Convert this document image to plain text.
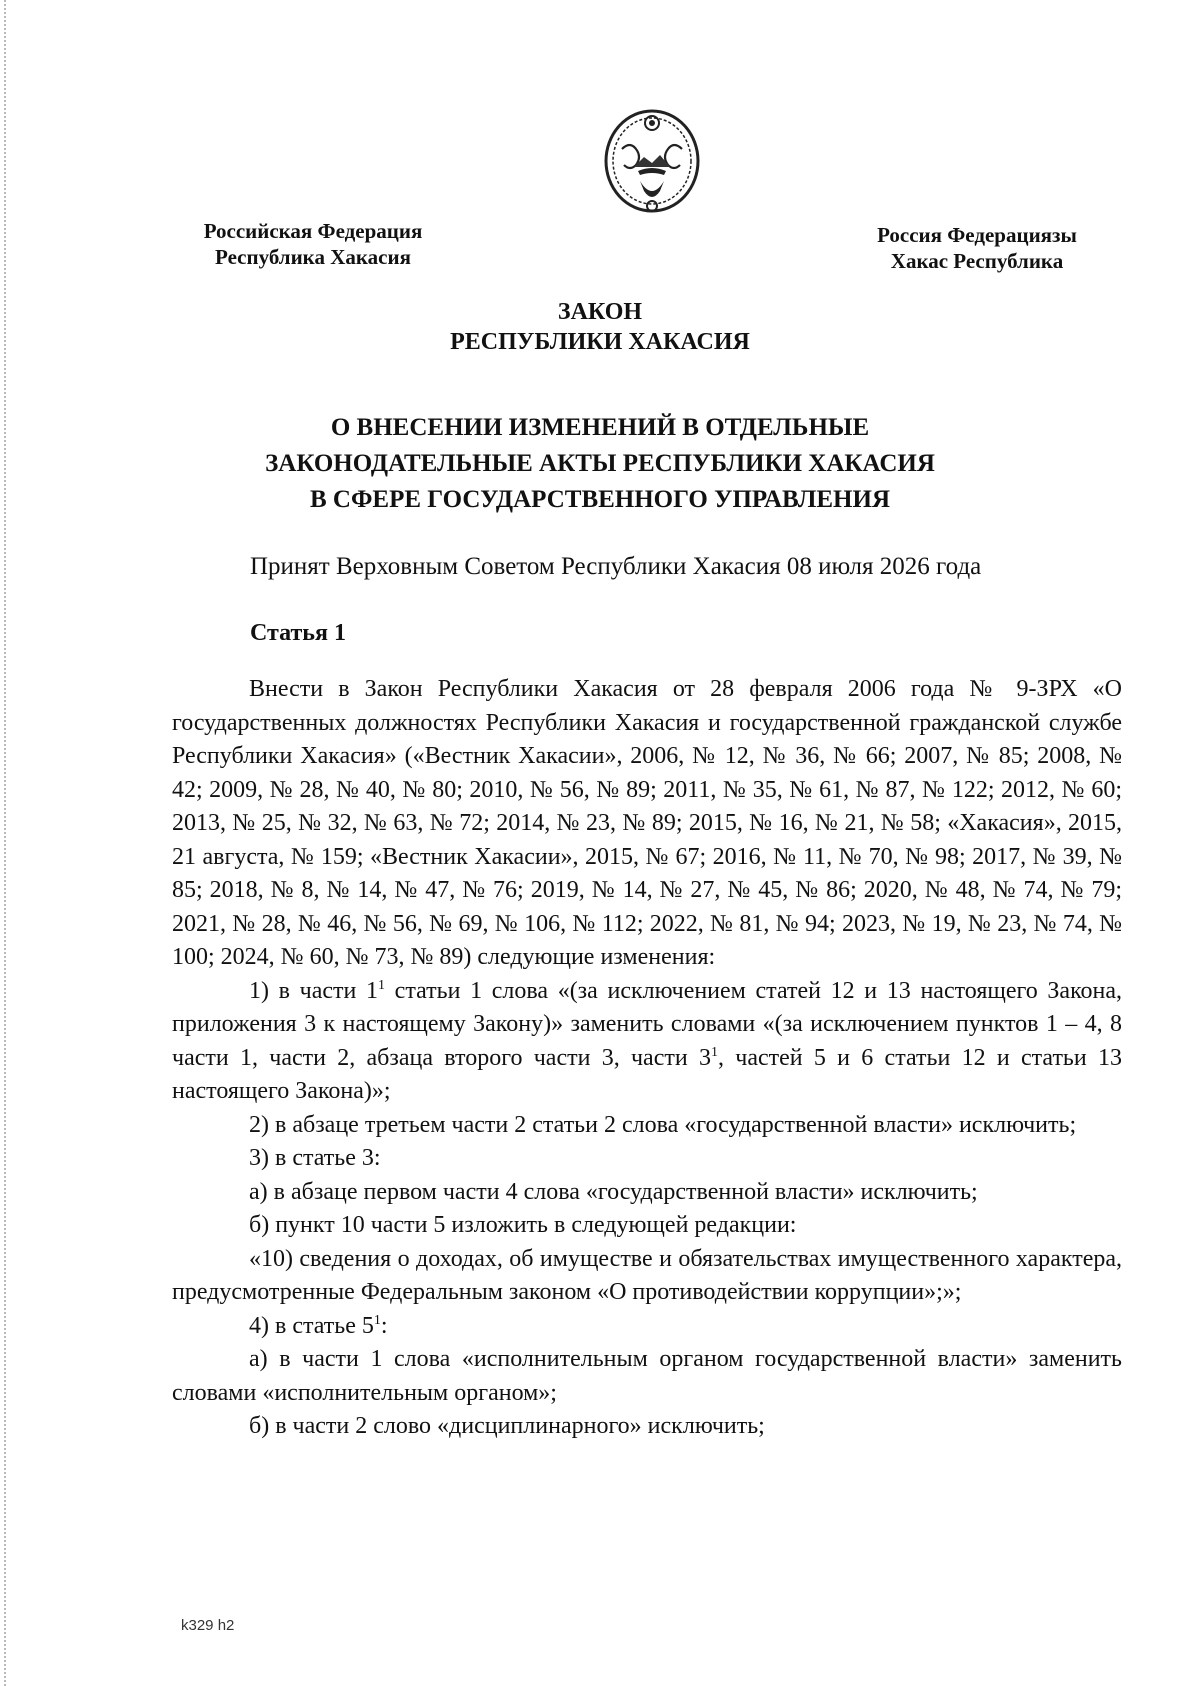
Российская Федерация
Республика Хакасия
Россия Федерациязы
Хакас Республика
ЗАКОН
РЕСПУБЛИКИ ХАКАСИЯ
О ВНЕСЕНИИ ИЗМЕНЕНИЙ В ОТДЕЛЬНЫЕ
ЗАКОНОДАТЕЛЬНЫЕ АКТЫ РЕСПУБЛИКИ ХАКАСИЯ
В СФЕРЕ ГОСУДАРСТВЕННОГО УПРАВЛЕНИЯ
Принят Верховным Советом Республики Хакасия 08 июля 2026 года
Статья 1

Внести в Закон Республики Хакасия от 28 февраля 2006 года № 9-ЗРХ «О государственных должностях Республики Хакасия и государственной гражданской службе Республики Хакасия» («Вестник Хакасии», 2006, № 12, № 36, № 66; 2007, № 85; 2008, № 42; 2009, № 28, № 40, № 80; 2010, № 56, № 89; 2011, № 35, № 61, № 87, № 122; 2012, № 60; 2013, № 25, № 32, № 63, № 72; 2014, № 23, № 89; 2015, № 16, № 21, № 58; «Хакасия», 2015, 21 августа, № 159; «Вестник Хакасии», 2015, № 67; 2016, № 11, № 70, № 98; 2017, № 39, № 85; 2018, № 8, № 14, № 47, № 76; 2019, № 14, № 27, № 45, № 86; 2020, № 48, № 74, № 79; 2021, № 28, № 46, № 56, № 69, № 106, № 112; 2022, № 81, № 94; 2023, № 19, № 23, № 74, № 100; 2024, № 60, № 73, № 89) следующие изменения:

1) в части $1^1$ статьи 1 слова «(за исключением статей 12 и 13 настоящего Закона, приложения 3 к настоящему Закону)» заменить словами «(за исключением пунктов 1 – 4, 8 части 1, части 2, абзаца второго части 3, части $3^1$, частей 5 и 6 статьи 12 и статьи 13 настоящего Закона)»;

2) в абзаце третьем части 2 статьи 2 слова «государственной власти» исключить;

3) в статье 3:

а) в абзаце первом части 4 слова «государственной власти» исключить;

б) пункт 10 части 5 изложить в следующей редакции:

«10) сведения о доходах, об имуществе и обязательствах имущественного характера, предусмотренные Федеральным законом «О противодействии коррупции»;»;

4) в статье $5^1$:

а) в части 1 слова «исполнительным органом государственной власти» заменить словами «исполнительным органом»;

б) в части 2 слово «дисциплинарного» исключить;

k329 h2
